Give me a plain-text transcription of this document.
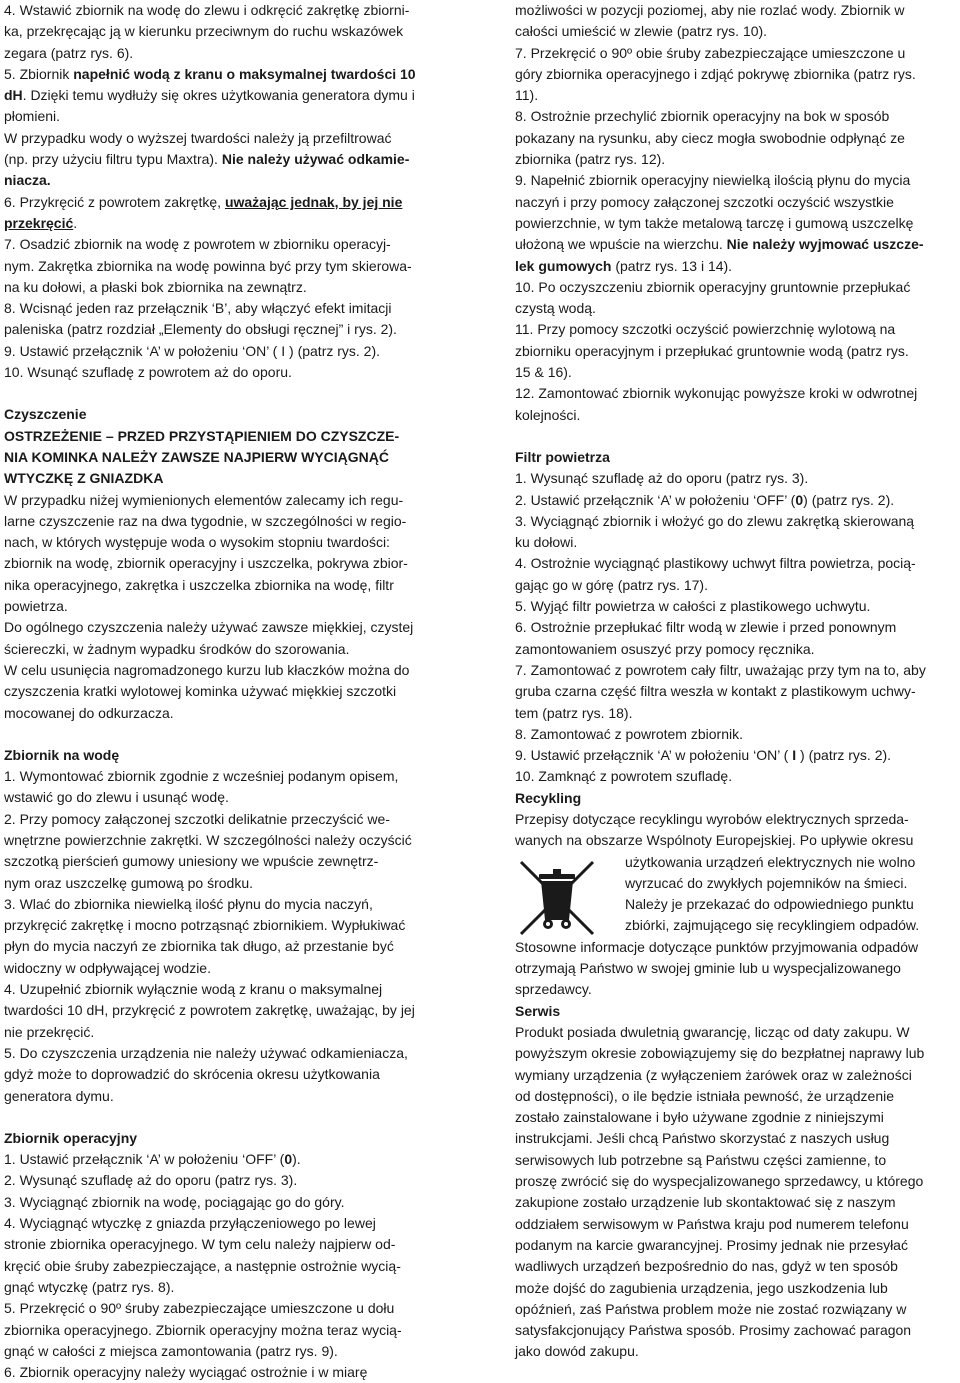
4. Wstawić zbiornik na wodę do zlewu i odkręcić zakrętkę zbiorni-
ka, przekręcając ją w kierunku przeciwnym do ruchu wskazówek
zegara (patrz rys. 6).

5. Zbiornik napełnić wodą z kranu o maksymalnej twardości 10
dH. Dzięki temu wydłuży się okres użytkowania generatora dymu i
płomieni.
W przypadku wody o wyższej twardości należy ją przefiltrować
(np. przy użyciu filtru typu Maxtra). Nie należy używać odkamie-
niacza.

6. Przykręcić z powrotem zakrętkę, uważając jednak, by jej nie
przekręcić.

7. Osadzić zbiornik na wodę z powrotem w zbiorniku operacyj-
nym. Zakrętka zbiornika na wodę powinna być przy tym skierowa-
na ku dołowi, a płaski bok zbiornika na zewnątrz.

8. Wcisnąć jeden raz przełącznik ‘B’, aby włączyć efekt imitacji
paleniska (patrz rozdział „Elementy do obsługi ręcznej” i rys. 2).

9. Ustawić przełącznik ‘A’ w położeniu ‘ON’ ( I ) (patrz rys. 2).

10. Wsunąć szufladę z powrotem aż do oporu.

Czyszczenie

OSTRZEŻENIE – PRZED PRZYSTĄPIENIEM DO CZYSZCZE-
NIA KOMINKA NALEŻY ZAWSZE NAJPIERW WYCIĄGNĄĆ
WTYCZKĘ Z GNIAZDKA

W przypadku niżej wymienionych elementów zalecamy ich regu-
larne czyszczenie raz na dwa tygodnie, w szczególności w regio-
nach, w których występuje woda o wysokim stopniu twardości:
zbiornik na wodę, zbiornik operacyjny i uszczelka, pokrywa zbior-
nika operacyjnego, zakrętka i uszczelka zbiornika na wodę, filtr
powietrza.
Do ogólnego czyszczenia należy używać zawsze miękkiej, czystej
ściereczki, w żadnym wypadku środków do szorowania.
W celu usunięcia nagromadzonego kurzu lub kłaczków można do
czyszczenia kratki wylotowej kominka używać miękkiej szczotki
mocowanej do odkurzacza.

Zbiornik na wodę

1. Wymontować zbiornik zgodnie z wcześniej podanym opisem,
wstawić go do zlewu i usunąć wodę.
2. Przy pomocy załączonej szczotki delikatnie przeczyścić we-
wnętrzne powierzchnie zakrętki. W szczególności należy oczyścić
szczotką pierścień gumowy uniesiony we wpuście zewnętrz-
nym oraz uszczelkę gumową po środku.
3. Wlać do zbiornika niewielką ilość płynu do mycia naczyń,
przykręcić zakrętkę i mocno potrząsnąć zbiornikiem. Wypłukiwać
płyn do mycia naczyń ze zbiornika tak długo, aż przestanie być
widoczny w odpływającej wodzie.
4. Uzupełnić zbiornik wyłącznie wodą z kranu o maksymalnej
twardości 10 dH, przykręcić z powrotem zakrętkę, uważając, by jej
nie przekręcić.
5. Do czyszczenia urządzenia nie należy używać odkamieniacza,
gdyż może to doprowadzić do skrócenia okresu użytkowania
generatora dymu.

Zbiornik operacyjny

1. Ustawić przełącznik ‘A’ w położeniu ‘OFF’ (0).
2. Wysunąć szufladę aż do oporu (patrz rys. 3).
3. Wyciągnąć zbiornik na wodę, pociągając go do góry.
4. Wyciągnąć wtyczkę z gniazda przyłączeniowego po lewej
stronie zbiornika operacyjnego. W tym celu należy najpierw od-
kręcić obie śruby zabezpieczające, a następnie ostrożnie wycią-
gnąć wtyczkę (patrz rys. 8).
5. Przekręcić o 90º śruby zabezpieczające umieszczone u dołu
zbiornika operacyjnego. Zbiornik operacyjny można teraz wycią-
gnąć w całości z miejsca zamontowania (patrz rys. 9).
6. Zbiornik operacyjny należy wyciągać ostrożnie i w miarę

możliwości w pozycji poziomej, aby nie rozlać wody. Zbiornik w
całości umieścić w zlewie (patrz rys. 10).

7. Przekręcić o 90º obie śruby zabezpieczające umieszczone u
góry zbiornika operacyjnego i zdjąć pokrywę zbiornika (patrz rys.
11).

8. Ostrożnie przechylić zbiornik operacyjny na bok w sposób
pokazany na rysunku, aby ciecz mogła swobodnie odpłynąć ze
zbiornika (patrz rys. 12).

9. Napełnić zbiornik operacyjny niewielką ilością płynu do mycia
naczyń i przy pomocy załączonej szczotki oczyścić wszystkie
powierzchnie, w tym także metalową tarczę i gumową uszczelkę
ułożoną we wpuście na wierzchu. Nie należy wyjmować uszcze-
lek gumowych (patrz rys. 13 i 14).

10. Po oczyszczeniu zbiornik operacyjny gruntownie przepłukać
czystą wodą.

11. Przy pomocy szczotki oczyścić powierzchnię wylotową na
zbiorniku operacyjnym i przepłukać gruntownie wodą (patrz rys.
15 & 16).

12. Zamontować zbiornik wykonując powyższe kroki w odwrotnej
kolejności.

Filtr powietrza

1. Wysunąć szufladę aż do oporu (patrz rys. 3).
2. Ustawić przełącznik ‘A’ w położeniu ‘OFF’ (0) (patrz rys. 2).
3. Wyciągnąć zbiornik i włożyć go do zlewu zakrętką skierowaną
ku dołowi.
4. Ostrożnie wyciągnąć plastikowy uchwyt filtra powietrza, pocią-
gając go w górę (patrz rys. 17).
5. Wyjąć filtr powietrza w całości z plastikowego uchwytu.
6. Ostrożnie przepłukać filtr wodą w zlewie i przed ponownym
zamontowaniem osuszyć przy pomocy ręcznika.
7. Zamontować z powrotem cały filtr, uważając przy tym na to, aby
gruba czarna część filtra weszła w kontakt z plastikowym uchwy-
tem (patrz rys. 18).
8. Zamontować z powrotem zbiornik.
9. Ustawić przełącznik ‘A’ w położeniu ‘ON’ ( I ) (patrz rys. 2).
10. Zamknąć z powrotem szufladę.

Recykling

Przepisy dotyczące recyklingu wyrobów elektrycznych sprzeda-
wanych na obszarze Wspólnoty Europejskiej. Po upływie okresu

użytkowania urządzeń elektrycznych nie wolno
wyrzucać do zwykłych pojemników na śmieci.
Należy je przekazać do odpowiedniego punktu
zbiórki, zajmującego się recyklingiem odpadów.

Stosowne informacje dotyczące punktów przyjmowania odpadów
otrzymają Państwo w swojej gminie lub u wyspecjalizowanego
sprzedawcy.

Serwis

Produkt posiada dwuletnią gwarancję, licząc od daty zakupu. W
powyższym okresie zobowiązujemy się do bezpłatnej naprawy lub
wymiany urządzenia (z wyłączeniem żarówek oraz w zależności
od dostępności), o ile będzie istniała pewność, że urządzenie
zostało zainstalowane i było używane zgodnie z niniejszymi
instrukcjami. Jeśli chcą Państwo skorzystać z naszych usług
serwisowych lub potrzebne są Państwu części zamienne, to
proszę zwrócić się do wyspecjalizowanego sprzedawcy, u którego
zakupione zostało urządzenie lub skontaktować się z naszym
oddziałem serwisowym w Państwa kraju pod numerem telefonu
podanym na karcie gwarancyjnej. Prosimy jednak nie przesyłać
wadliwych urządzeń bezpośrednio do nas, gdyż w ten sposób
może dojść do zagubienia urządzenia, jego uszkodzenia lub
opóźnień, zaś Państwa problem może nie zostać rozwiązany w
satysfakcjonujący Państwa sposób. Prosimy zachować paragon
jako dowód zakupu.
